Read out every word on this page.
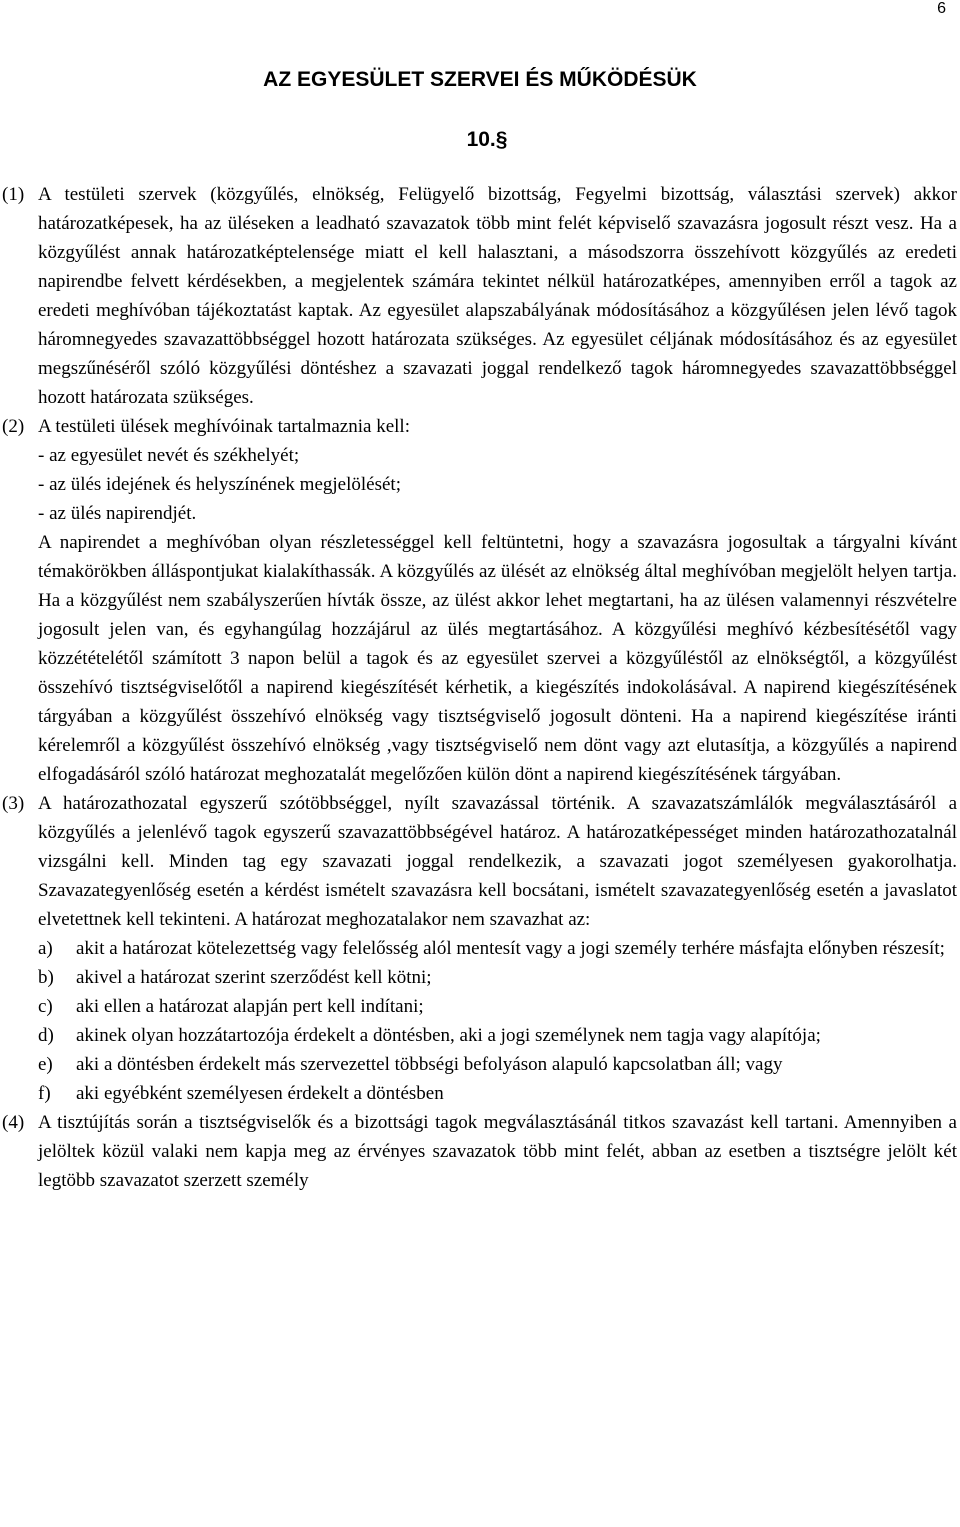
6
AZ EGYESÜLET SZERVEI ÉS MŰKÖDÉSÜK
10.§
(1) A testületi szervek (közgyűlés, elnökség, Felügyelő bizottság, Fegyelmi bizottság, választási szervek) akkor határozatképesek, ha az üléseken a leadható szavazatok több mint felét képviselő szavazásra jogosult részt vesz. Ha a közgyűlést annak határozatképtelensége miatt el kell halasztani, a másodszorra összehívott közgyűlés az eredeti napirendbe felvett kérdésekben, a megjelentek számára tekintet nélkül határozatképes, amennyiben erről a tagok az eredeti meghívóban tájékoztatást kaptak. Az egyesület alapszabályának módosításához a közgyűlésen jelen lévő tagok háromnegyedes szavazattöbbséggel hozott határozata szükséges. Az egyesület céljának módosításához és az egyesület megszűnéséről szóló közgyűlési döntéshez a szavazati joggal rendelkező tagok háromnegyedes szavazattöbbséggel hozott határozata szükséges.
(2) A testületi ülések meghívóinak tartalmaznia kell:
- az egyesület nevét és székhelyét;
- az ülés idejének és helyszínének megjelölését;
- az ülés napirendjét.
A napirendet a meghívóban olyan részletességgel kell feltüntetni, hogy a szavazásra jogosultak a tárgyalni kívánt témakörökben álláspontjukat kialakíthassák. A közgyűlés az ülését az elnökség által meghívóban megjelölt helyen tartja. Ha a közgyűlést nem szabályszerűen hívták össze, az ülést akkor lehet megtartani, ha az ülésen valamennyi részvételre jogosult jelen van, és egyhangúlag hozzájárul az ülés megtartásához. A közgyűlési meghívó kézbesítésétől vagy közzétételétől számított 3 napon belül a tagok és az egyesület szervei a közgyűléstől az elnökségtől, a közgyűlést összehívó tisztségviselőtől a napirend kiegészítését kérhetik, a kiegészítés indokolásával. A napirend kiegészítésének tárgyában a közgyűlést összehívó elnökség vagy tisztségviselő jogosult dönteni. Ha a napirend kiegészítése iránti kérelemről a közgyűlést összehívó elnökség ,vagy tisztségviselő nem dönt vagy azt elutasítja, a közgyűlés a napirend elfogadásáról szóló határozat meghozatalát megelőzően külön dönt a napirend kiegészítésének tárgyában.
(3) A határozathozatal egyszerű szótöbbséggel, nyílt szavazással történik. A szavazatszámlálók megválasztásáról a közgyűlés a jelenlévő tagok egyszerű szavazattöbbségével határoz. A határozatképességet minden határozathozatalnál vizsgálni kell. Minden tag egy szavazati joggal rendelkezik, a szavazati jogot személyesen gyakorolhatja. Szavazategyenlőség esetén a kérdést ismételt szavazásra kell bocsátani, ismételt szavazategyenlőség esetén a javaslatot elvetettnek kell tekinteni. A határozat meghozatalakor nem szavazhat az:
a)	akit a határozat kötelezettség vagy felelősség alól mentesít vagy a jogi személy terhére másfajta előnyben részesít;
b)	akivel a határozat szerint szerződést kell kötni;
c)	aki ellen a határozat alapján pert kell indítani;
d)	akinek olyan hozzátartozója érdekelt a döntésben, aki a jogi személynek nem tagja vagy alapítója;
e)	aki a döntésben érdekelt más szervezettel többségi befolyáson alapuló kapcsolatban áll; vagy
f)	aki egyébként személyesen érdekelt a döntésben
(4) A tisztújítás során a tisztségviselők és a bizottsági tagok megválasztásánál titkos szavazást kell tartani. Amennyiben a jelöltek közül valaki nem kapja meg az érvényes szavazatok több mint felét, abban az esetben a tisztségre jelölt két legtöbb szavazatot szerzett személy
